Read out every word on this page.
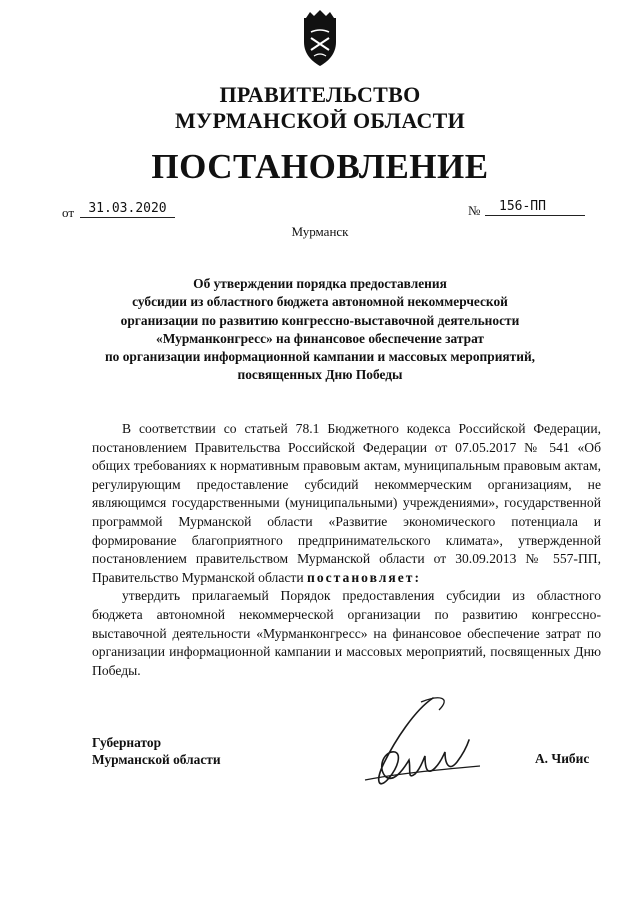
ПРАВИТЕЛЬСТВО
МУРМАНСКОЙ ОБЛАСТИ
ПОСТАНОВЛЕНИЕ
от	31.03.2020	№	156-ПП
Мурманск
Об утверждении порядка предоставления
субсидии из областного бюджета автономной некоммерческой
организации по развитию конгрессно-выставочной деятельности
«Мурманконгресс» на финансовое обеспечение затрат
по организации информационной кампании и массовых мероприятий,
посвященных Дню Победы

В соответствии со статьей 78.1 Бюджетного кодекса Российской Федерации, постановлением Правительства Российской Федерации от 07.05.2017 № 541 «Об общих требованиях к нормативным правовым актам, муниципальным правовым актам, регулирующим предоставление субсидий некоммерческим организациям, не являющимся государственными (муниципальными) учреждениями», государственной программой Мурманской области «Развитие экономического потенциала и формирование благоприятного предпринимательского климата», утвержденной постановлением правительством Мурманской области от 30.09.2013 № 557-ПП, Правительство Мурманской области постановляет:

утвердить прилагаемый Порядок предоставления субсидии из областного бюджета автономной некоммерческой организации по развитию конгрессно-выставочной деятельности «Мурманконгресс» на финансовое обеспечение затрат по организации информационной кампании и массовых мероприятий, посвященных Дню Победы.

Губернатор
Мурманской области	А. Чибис
